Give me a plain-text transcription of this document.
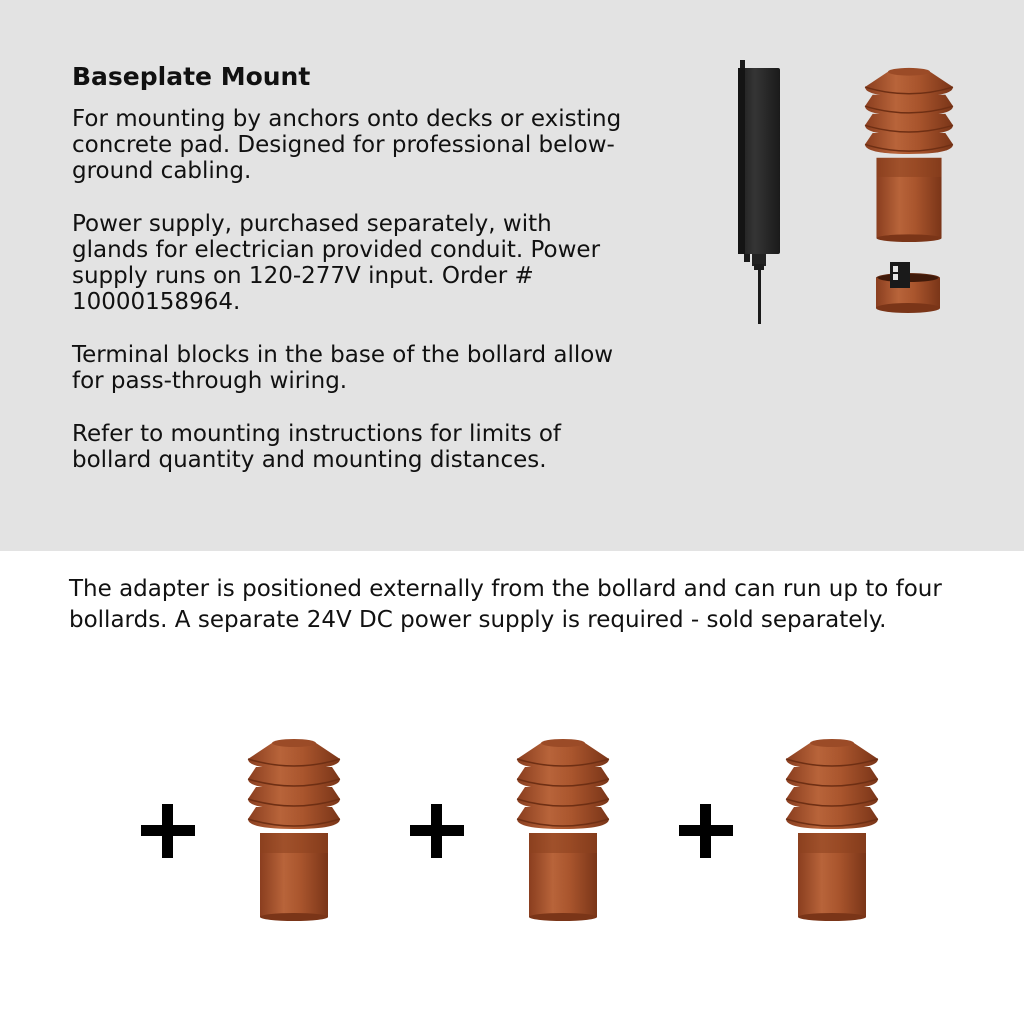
Baseplate Mount

For mounting by anchors onto decks or existing concrete pad. Designed for professional below-ground cabling.

Power supply, purchased separately, with glands for electrician provided conduit. Power supply runs on 120-277V input. Order # 10000158964.

Terminal blocks in the base of the bollard allow for pass-through wiring.

Refer to mounting instructions for limits of bollard quantity and mounting distances.

The adapter is positioned externally from the bollard and can run up to four bollards. A separate 24V DC power supply is required - sold separately.
